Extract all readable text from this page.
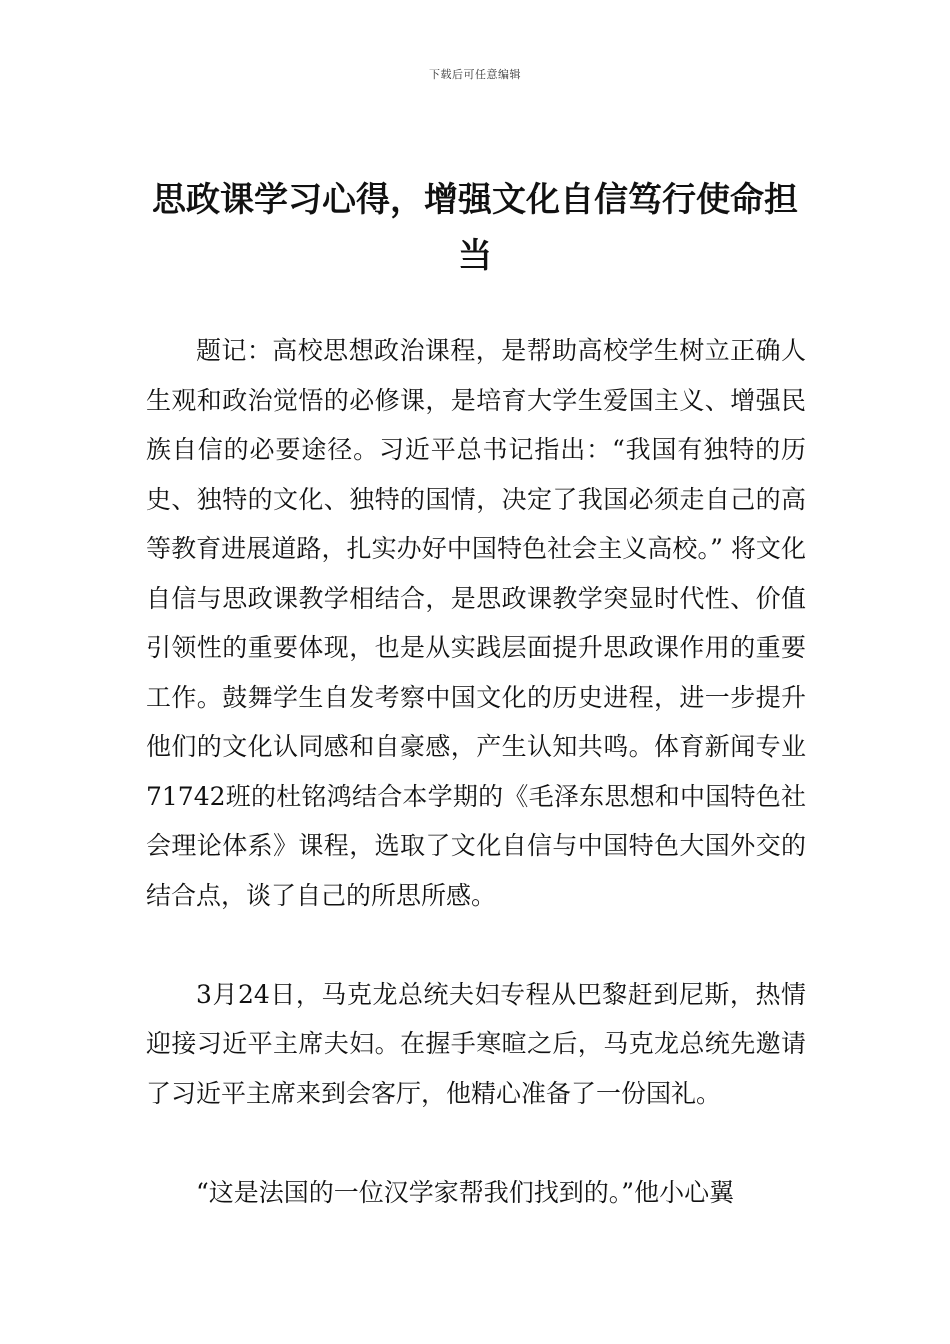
下载后可任意编辑
思政课学习心得，增强文化自信笃行使命担当

题记：高校思想政治课程，是帮助高校学生树立正确人生观和政治觉悟的必修课，是培育大学生爱国主义、增强民族自信的必要途径。习近平总书记指出：“我国有独特的历史、独特的文化、独特的国情，决定了我国必须走自己的高等教育进展道路，扎实办好中国特色社会主义高校。” 将文化自信与思政课教学相结合，是思政课教学突显时代性、价值引领性的重要体现，也是从实践层面提升思政课作用的重要工作。鼓舞学生自发考察中国文化的历史进程，进一步提升他们的文化认同感和自豪感，产生认知共鸣。体育新闻专业71742班的杜铭鸿结合本学期的《毛泽东思想和中国特色社会理论体系》课程，选取了文化自信与中国特色大国外交的结合点，谈了自己的所思所感。

3月24日，马克龙总统夫妇专程从巴黎赶到尼斯，热情迎接习近平主席夫妇。在握手寒暄之后，马克龙总统先邀请了习近平主席来到会客厅，他精心准备了一份国礼。

“这是法国的一位汉学家帮我们找到的。”他小心翼
